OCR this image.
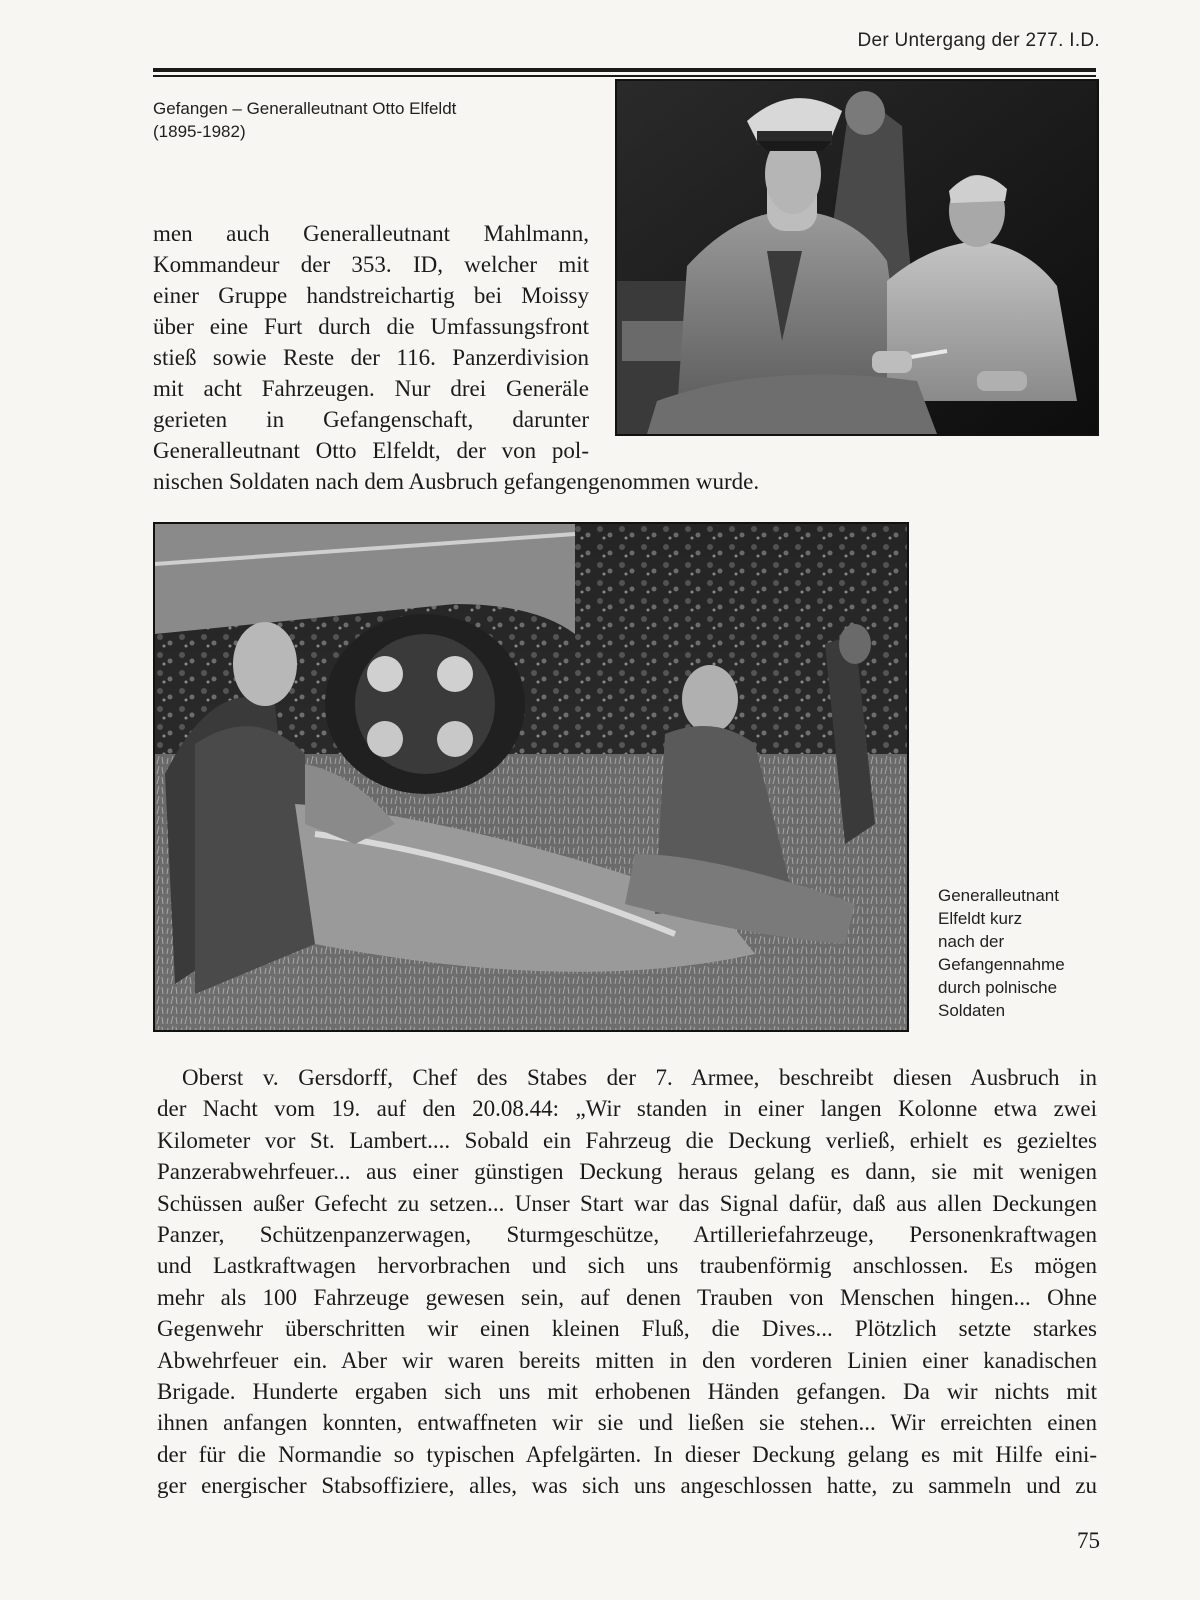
Der Untergang der 277. I.D.
Gefangen – Generalleutnant Otto Elfeldt
(1895-1982)
men auch Generalleutnant Mahlmann,
Kommandeur der 353. ID, welcher mit
einer Gruppe handstreichartig bei Moissy
über eine Furt durch die Umfassungsfront
stieß sowie Reste der 116. Panzerdivision
mit acht Fahrzeugen. Nur drei Generäle
gerieten in Gefangenschaft, darunter
Generalleutnant Otto Elfeldt, der von pol-
nischen Soldaten nach dem Ausbruch gefangengenommen wurde.
Generalleutnant
Elfeldt kurz
nach der
Gefangennahme
durch polnische
Soldaten
Oberst v. Gersdorff, Chef des Stabes der 7. Armee, beschreibt diesen Ausbruch in
der Nacht vom 19. auf den 20.08.44: „Wir standen in einer langen Kolonne etwa zwei
Kilometer vor St. Lambert.... Sobald ein Fahrzeug die Deckung verließ, erhielt es gezieltes
Panzerabwehrfeuer... aus einer günstigen Deckung heraus gelang es dann, sie mit wenigen
Schüssen außer Gefecht zu setzen... Unser Start war das Signal dafür, daß aus allen Deckungen
Panzer, Schützenpanzerwagen, Sturmgeschütze, Artilleriefahrzeuge, Personenkraftwagen
und Lastkraftwagen hervorbrachen und sich uns traubenförmig anschlossen. Es mögen
mehr als 100 Fahrzeuge gewesen sein, auf denen Trauben von Menschen hingen... Ohne
Gegenwehr überschritten wir einen kleinen Fluß, die Dives... Plötzlich setzte starkes
Abwehrfeuer ein. Aber wir waren bereits mitten in den vorderen Linien einer kanadischen
Brigade. Hunderte ergaben sich uns mit erhobenen Händen gefangen. Da wir nichts mit
ihnen anfangen konnten, entwaffneten wir sie und ließen sie stehen... Wir erreichten einen
der für die Normandie so typischen Apfelgärten. In dieser Deckung gelang es mit Hilfe eini-
ger energischer Stabsoffiziere, alles, was sich uns angeschlossen hatte, zu sammeln und zu
75
